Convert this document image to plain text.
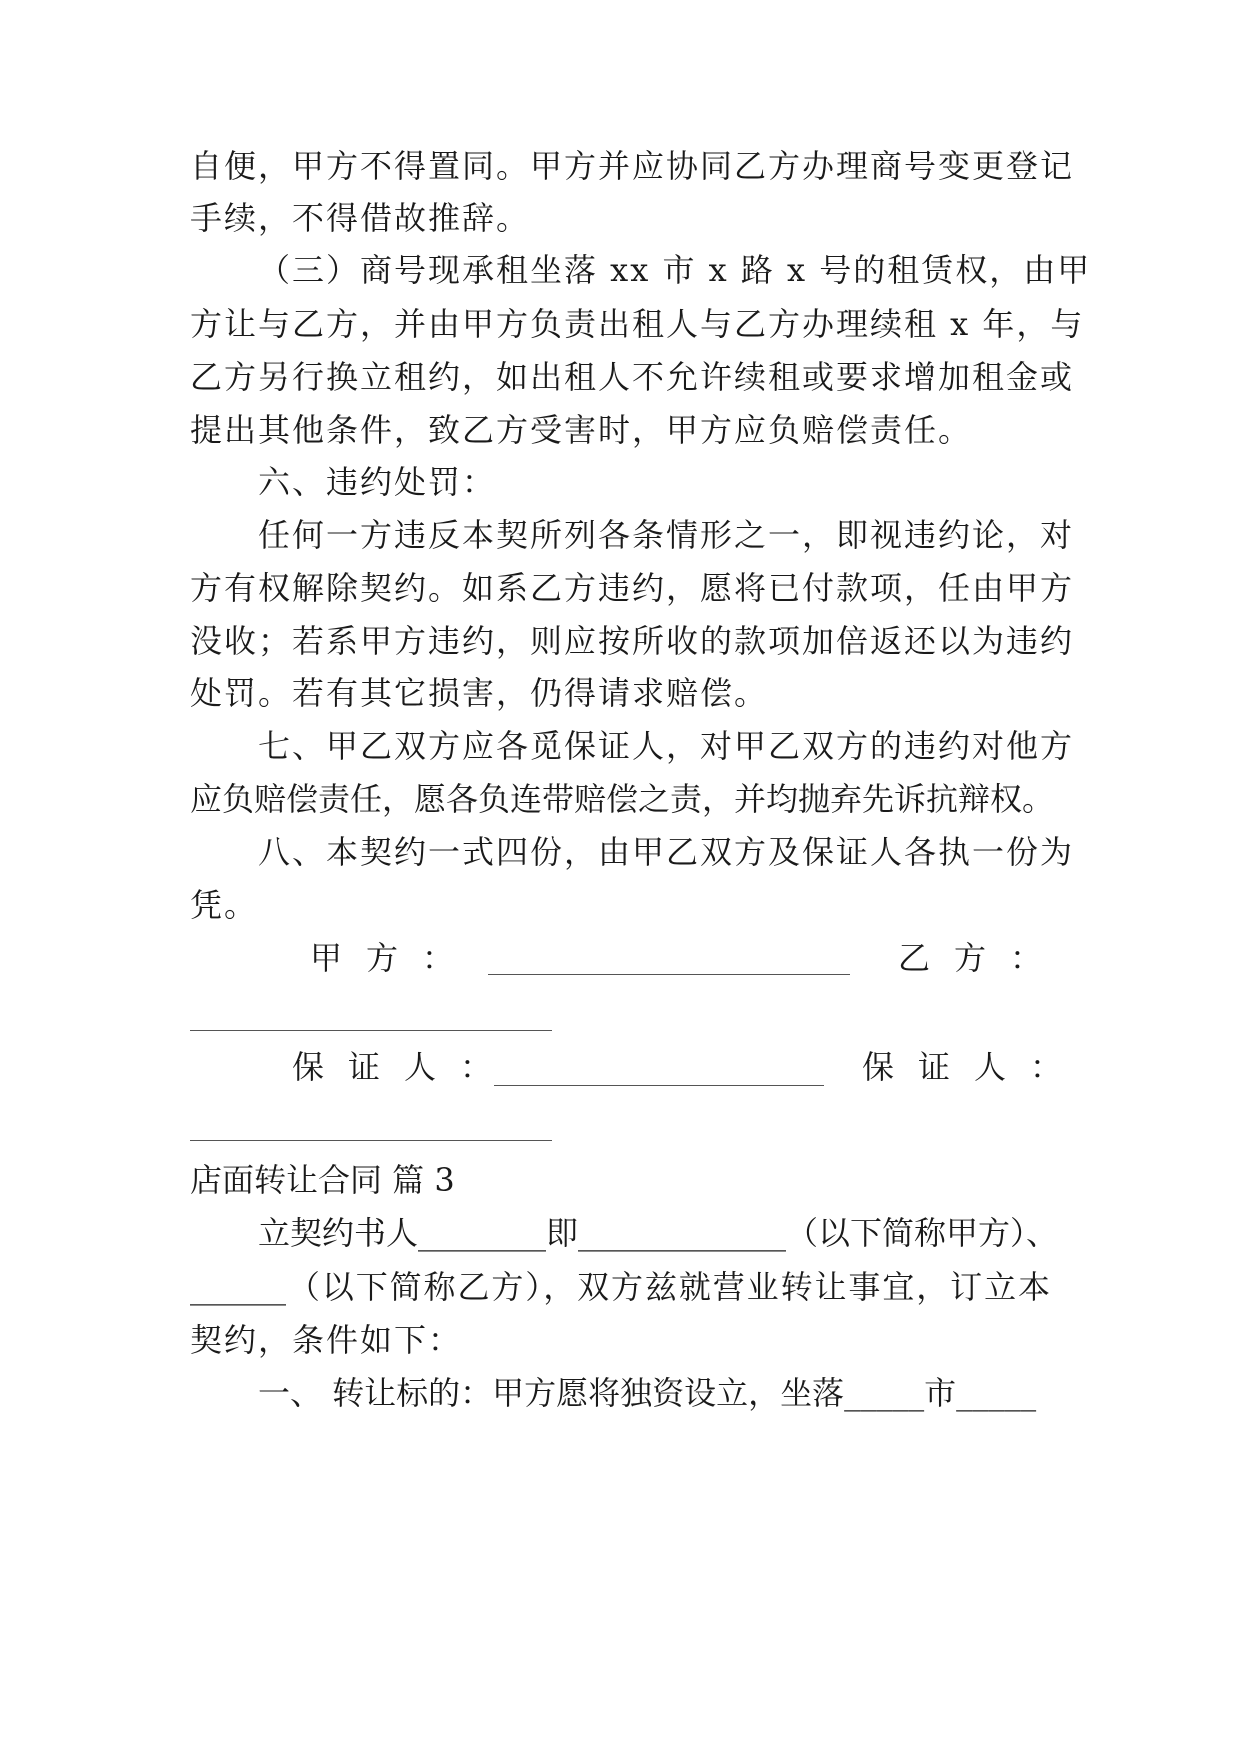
自便，甲方不得置同。甲方并应协同乙方办理商号变更登记
手续，不得借故推辞。
（三）商号现承租坐落 xx 市 x 路 x 号的租赁权，由甲
方让与乙方，并由甲方负责出租人与乙方办理续租 x 年，与
乙方另行换立租约，如出租人不允许续租或要求增加租金或
提出其他条件，致乙方受害时，甲方应负赔偿责任。
六、违约处罚：
任何一方违反本契所列各条情形之一，即视违约论，对
方有权解除契约。如系乙方违约，愿将已付款项，任由甲方
没收；若系甲方违约，则应按所收的款项加倍返还以为违约
处罚。若有其它损害，仍得请求赔偿。
七、甲乙双方应各觅保证人，对甲乙双方的违约对他方
应负赔偿责任，愿各负连带赔偿之责，并均抛弃先诉抗辩权。
八、本契约一式四份，由甲乙双方及保证人各执一份为
凭。
甲方：	乙方：
保证人：	保证人：
店面转让合同 篇 3
立契约书人________即_____________（以下简称甲方）、
______（以下简称乙方），双方兹就营业转让事宜，订立本
契约，条件如下：
一、 转让标的：甲方愿将独资设立，坐落_____市_____
